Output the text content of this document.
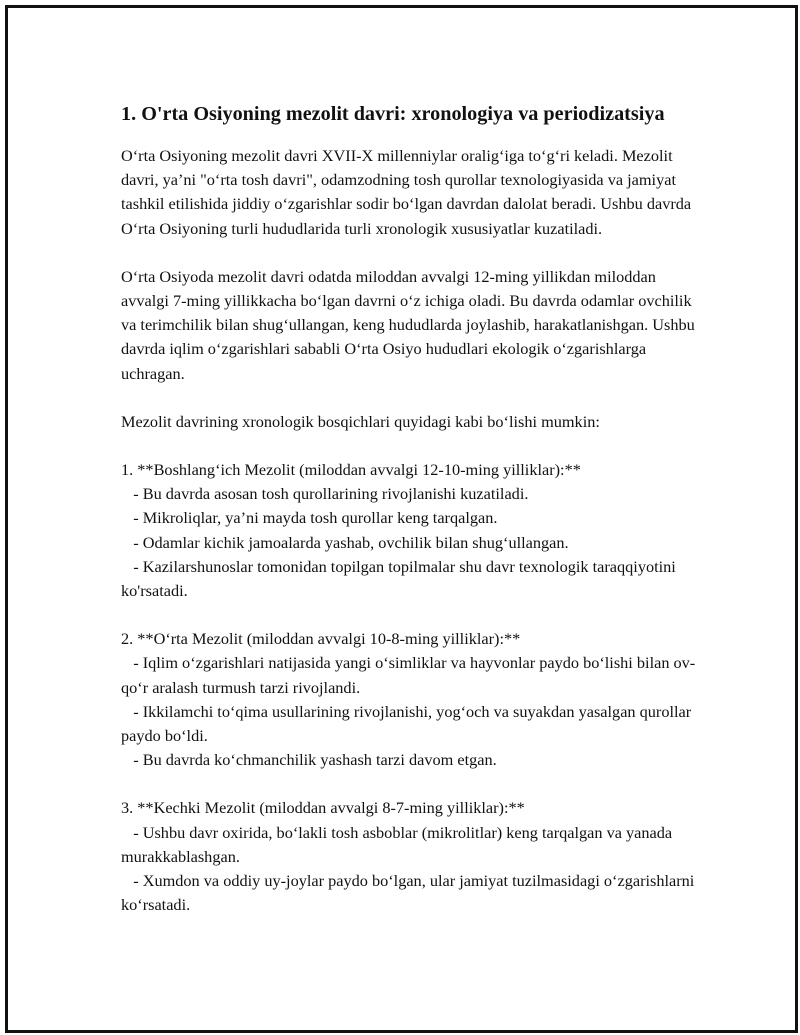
1. O'rta Osiyoning mezolit davri: xronologiya va periodizatsiya

O‘rta Osiyoning mezolit davri XVII-X millenniylar oralig‘iga to‘g‘ri keladi. Mezolit davri, ya’ni "o‘rta tosh davri", odamzodning tosh qurollar texnologiyasida va jamiyat tashkil etilishida jiddiy o‘zgarishlar sodir bo‘lgan davrdan dalolat beradi. Ushbu davrda O‘rta Osiyoning turli hududlarida turli xronologik xususiyatlar kuzatiladi.

O‘rta Osiyoda mezolit davri odatda miloddan avvalgi 12-ming yillikdan miloddan avvalgi 7-ming yillikkacha bo‘lgan davrni o‘z ichiga oladi. Bu davrda odamlar ovchilik va terimchilik bilan shug‘ullangan, keng hududlarda joylashib, harakatlanishgan. Ushbu davrda iqlim o‘zgarishlari sababli O‘rta Osiyo hududlari ekologik o‘zgarishlarga uchragan.

Mezolit davrining xronologik bosqichlari quyidagi kabi bo‘lishi mumkin:

1. **Boshlang‘ich Mezolit (miloddan avvalgi 12-10-ming yilliklar):**

- Bu davrda asosan tosh qurollarining rivojlanishi kuzatiladi.

- Mikroliqlar, ya’ni mayda tosh qurollar keng tarqalgan.

- Odamlar kichik jamoalarda yashab, ovchilik bilan shug‘ullangan.

- Kazilarshunoslar tomonidan topilgan topilmalar shu davr texnologik taraqqiyotini ko'rsatadi.

2. **O‘rta Mezolit (miloddan avvalgi 10-8-ming yilliklar):**

- Iqlim o‘zgarishlari natijasida yangi o‘simliklar va hayvonlar paydo bo‘lishi bilan ov-qo‘r aralash turmush tarzi rivojlandi.

- Ikkilamchi to‘qima usullarining rivojlanishi, yog‘och va suyakdan yasalgan qurollar paydo bo‘ldi.

- Bu davrda ko‘chmanchilik yashash tarzi davom etgan.

3. **Kechki Mezolit (miloddan avvalgi 8-7-ming yilliklar):**

- Ushbu davr oxirida, bo‘lakli tosh asboblar (mikrolitlar) keng tarqalgan va yanada murakkablashgan.

- Xumdon va oddiy uy-joylar paydo bo‘lgan, ular jamiyat tuzilmasidagi o‘zgarishlarni ko‘rsatadi.
